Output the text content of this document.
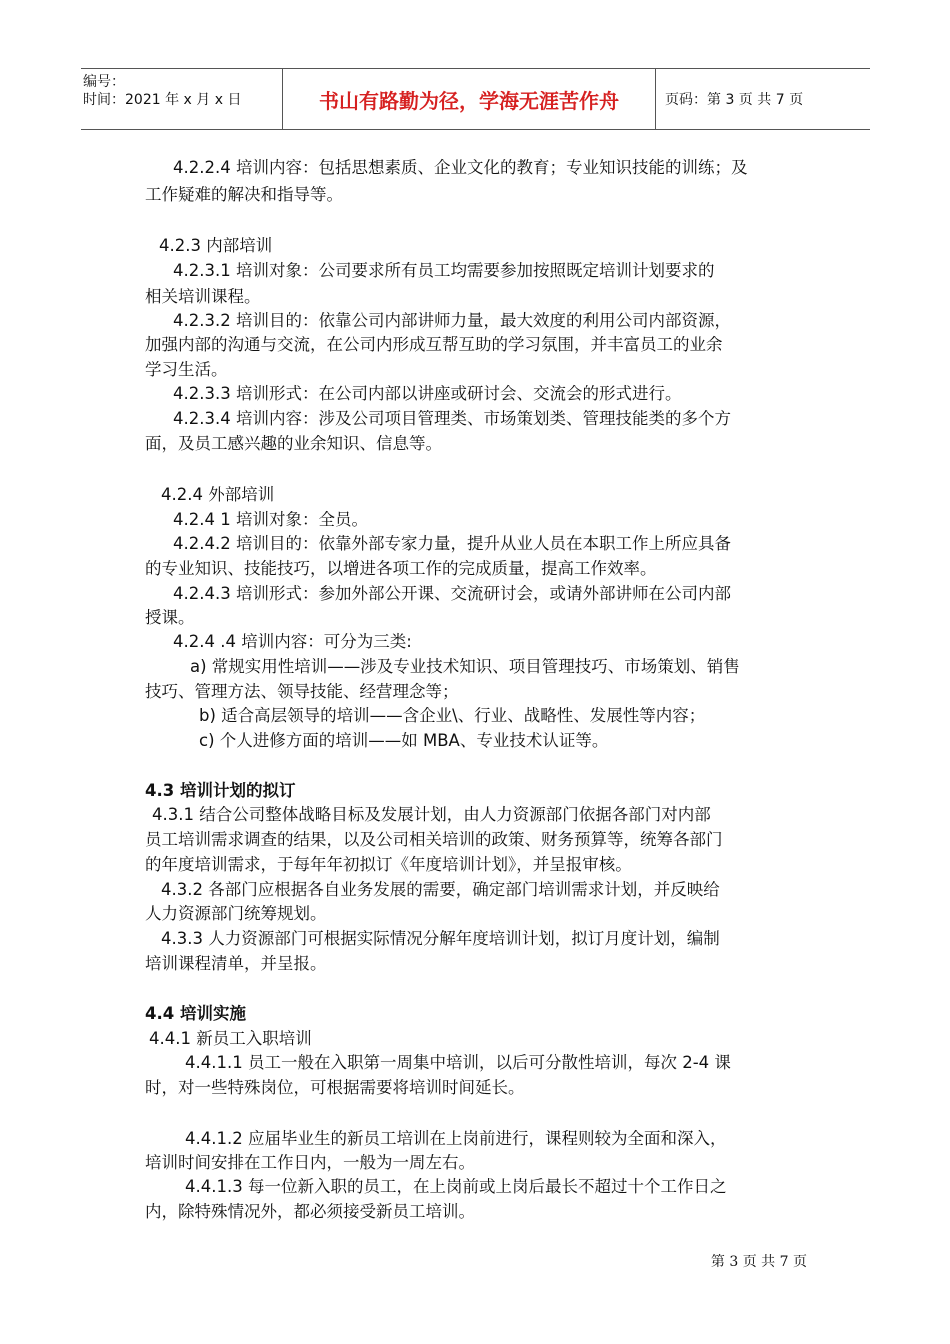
编号：
时间：2021 年 x 月 x 日	书山有路勤为径，学海无涯苦作舟	页码：第 3 页 共 7 页
4.2.2.4 培训内容：包括思想素质、企业文化的教育；专业知识技能的训练；及
工作疑难的解决和指导等。
4.2.3 内部培训
4.2.3.1 培训对象：公司要求所有员工均需要参加按照既定培训计划要求的
相关培训课程。
4.2.3.2 培训目的：依靠公司内部讲师力量，最大效度的利用公司内部资源，
加强内部的沟通与交流，在公司内形成互帮互助的学习氛围，并丰富员工的业余
学习生活。
4.2.3.3 培训形式：在公司内部以讲座或研讨会、交流会的形式进行。
4.2.3.4 培训内容：涉及公司项目管理类、市场策划类、管理技能类的多个方
面，及员工感兴趣的业余知识、信息等。
4.2.4 外部培训
4.2.4 1 培训对象：全员。
4.2.4.2 培训目的：依靠外部专家力量，提升从业人员在本职工作上所应具备
的专业知识、技能技巧，以增进各项工作的完成质量，提高工作效率。
4.2.4.3 培训形式：参加外部公开课、交流研讨会，或请外部讲师在公司内部
授课。
4.2.4 .4 培训内容：可分为三类:
a) 常规实用性培训——涉及专业技术知识、项目管理技巧、市场策划、销售
技巧、管理方法、领导技能、经营理念等；
b) 适合高层领导的培训——含企业\、行业、战略性、发展性等内容；
c) 个人进修方面的培训——如 MBA、专业技术认证等。
4.3 培训计划的拟订
4.3.1 结合公司整体战略目标及发展计划，由人力资源部门依据各部门对内部
员工培训需求调查的结果，以及公司相关培训的政策、财务预算等，统筹各部门
的年度培训需求，于每年年初拟订《年度培训计划》，并呈报审核。
4.3.2 各部门应根据各自业务发展的需要，确定部门培训需求计划，并反映给
人力资源部门统筹规划。
4.3.3 人力资源部门可根据实际情况分解年度培训计划，拟订月度计划，编制
培训课程清单，并呈报。
4.4 培训实施
4.4.1 新员工入职培训
4.4.1.1 员工一般在入职第一周集中培训，以后可分散性培训，每次 2-4 课
时，对一些特殊岗位，可根据需要将培训时间延长。
4.4.1.2 应届毕业生的新员工培训在上岗前进行，课程则较为全面和深入，
培训时间安排在工作日内，一般为一周左右。
4.4.1.3 每一位新入职的员工，在上岗前或上岗后最长不超过十个工作日之
内，除特殊情况外，都必须接受新员工培训。
第 3 页 共 7 页
